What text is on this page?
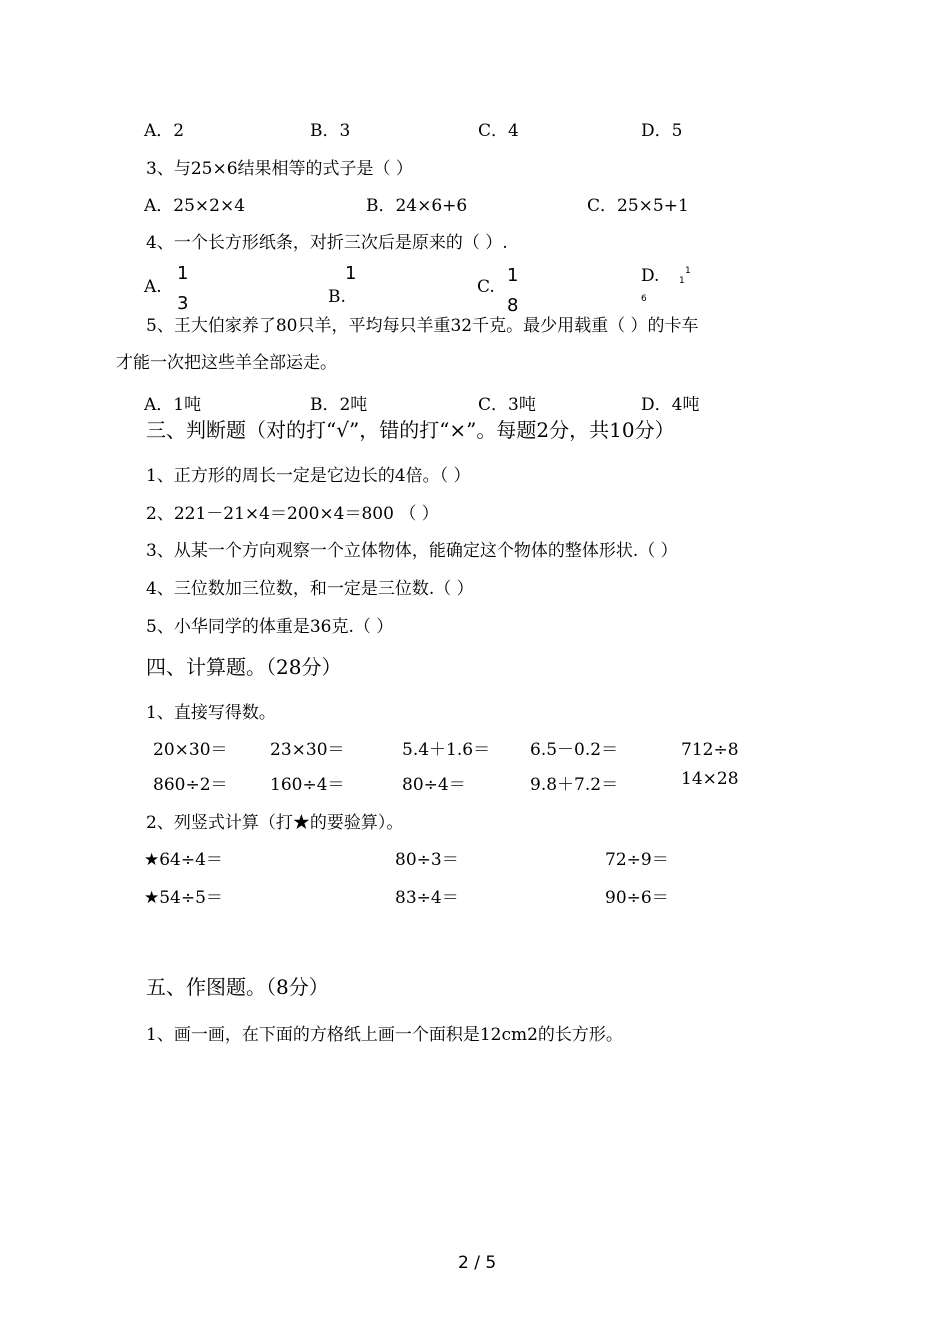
A．2	B．3	C．4	D．5
3、与25×6结果相等的式子是（ ）
A．25×2×4	B．24×6+6	C．25×5+1
4、一个长方形纸条，对折三次后是原来的（ ）.
A.
1
3
1
B.	C.
1
8
D. 1
1
6
5、王大伯家养了80只羊，平均每只羊重32千克。最少用载重（ ）的卡车
才能一次把这些羊全部运走。
A．1吨	B．2吨	C．3吨	D．4吨
三、判断题（对的打“√”，错的打“×”。每题2分，共10分）
1、正方形的周长一定是它边长的4倍。（ ）
2、221－21×4＝200×4＝800 （ ）
3、从某一个方向观察一个立体物体，能确定这个物体的整体形状.（ ）
4、三位数加三位数，和一定是三位数.（ ）
5、小华同学的体重是36克.（ ）
四、计算题。（28分）
1、直接写得数。
20×30＝ 23×30＝	5.4＋1.6＝ 6.5－0.2＝	712÷8
860÷2＝ 160÷4＝	80÷4＝	9.8＋7.2＝	14×28
2、列竖式计算（打★的要验算）。
★64÷4＝	80÷3＝	72÷9＝
★54÷5＝	83÷4＝	90÷6＝
五、作图题。（8分）
1、画一画，在下面的方格纸上画一个面积是12cm2的长方形。
2 / 5
